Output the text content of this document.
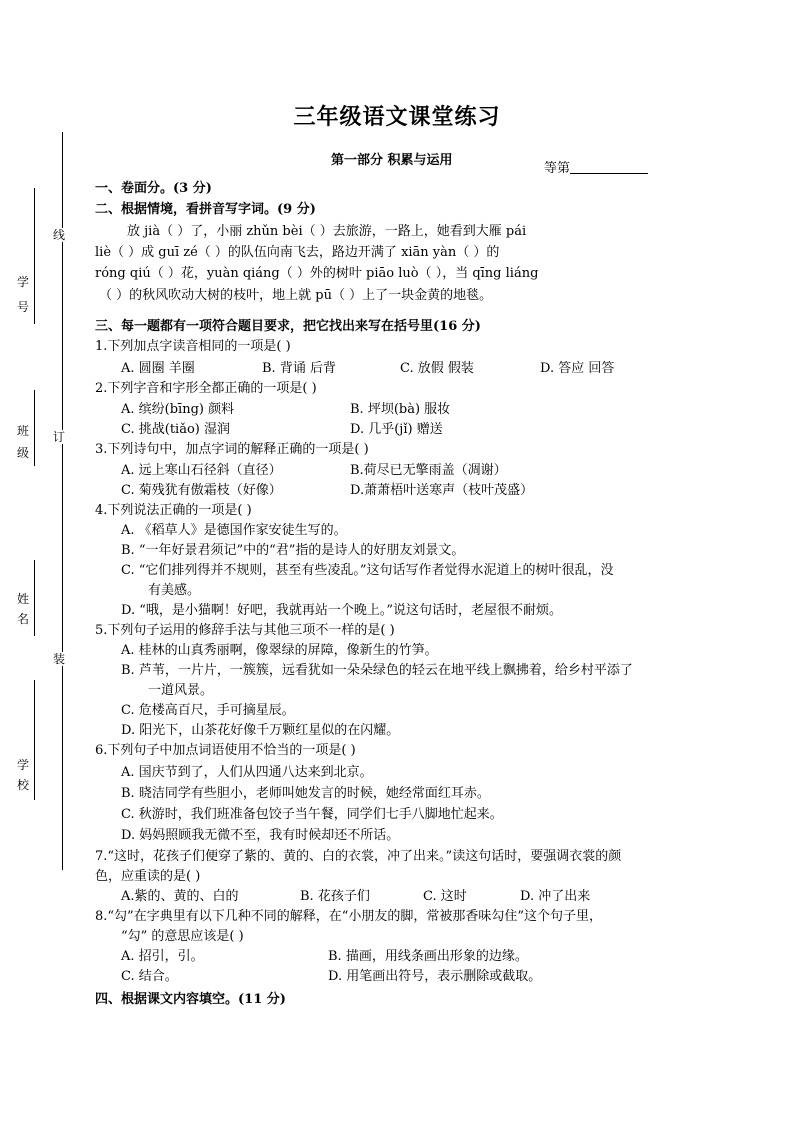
线
订
装
学
号
班
级
姓
名
学
校
三年级语文课堂练习
第一部分 积累与运用
等第
一、卷面分。(3 分)
二、根据情境，看拼音写字词。(9 分)
放 jià（ ）了，小丽 zhǔn bèi（ ）去旅游，一路上，她看到大雁 pái
liè（ ）成 guī zé（ ）的队伍向南飞去，路边开满了 xiān yàn（ ）的
róng qiú（ ）花，yuàn qiáng（ ）外的树叶 piāo luò（ ），当 qīng liáng
（ ）的秋风吹动大树的枝叶，地上就 pū（ ）上了一块金黄的地毯。
三、每一题都有一项符合题目要求，把它找出来写在括号里(16 分)
1.下列加点字读音相同的一项是( )
A. 圆圈 羊圈	B. 背诵 后背	C. 放假 假装	D. 答应 回答
2.下列字音和字形全都正确的一项是( )
A. 缤纷(bīng) 颜料	B. 坪坝(bà) 服妆
C. 挑战(tiǎo) 湿润	D. 几乎(jǐ) 赠送
3.下列诗句中，加点字词的解释正确的一项是( )
A. 远上寒山石径斜（直径）	B.荷尽已无擎雨盖（凋谢）
C. 菊残犹有傲霜枝（好像）	D.萧萧梧叶送寒声（枝叶茂盛）
4.下列说法正确的一项是( )
A. 《稻草人》是德国作家安徒生写的。
B. “一年好景君须记”中的“君”指的是诗人的好朋友刘景文。
C. “它们排列得并不规则，甚至有些凌乱。”这句话写作者觉得水泥道上的树叶很乱，没
有美感。
D. “哦，是小猫啊！好吧，我就再站一个晚上。”说这句话时，老屋很不耐烦。
5.下列句子运用的修辞手法与其他三项不一样的是( )
A. 桂林的山真秀丽啊，像翠绿的屏障，像新生的竹笋。
B. 芦苇，一片片，一簇簇，远看犹如一朵朵绿色的轻云在地平线上飘拂着，给乡村平添了
一道风景。
C. 危楼高百尺，手可摘星辰。
D. 阳光下，山茶花好像千万颗红星似的在闪耀。
6.下列句子中加点词语使用不恰当的一项是( )
A. 国庆节到了，人们从四通八达来到北京。
B. 晓洁同学有些胆小，老师叫她发言的时候，她经常面红耳赤。
C. 秋游时，我们班准备包饺子当午餐，同学们七手八脚地忙起来。
D. 妈妈照顾我无微不至，我有时候却还不所话。
7.“这时，花孩子们便穿了紫的、黄的、白的衣裳，冲了出来。”读这句话时，要强调衣裳的颜
色，应重读的是( )
A.紫的、黄的、白的	B. 花孩子们	C. 这时	D. 冲了出来
8.“勾”在字典里有以下几种不同的解释，在“小朋友的脚，常被那香味勾住”这个句子里，
“勾” 的意思应该是( )
A. 招引，引。	B. 描画，用线条画出形象的边缘。
C. 结合。	D. 用笔画出符号，表示删除或截取。
四、根据课文内容填空。(11 分)
